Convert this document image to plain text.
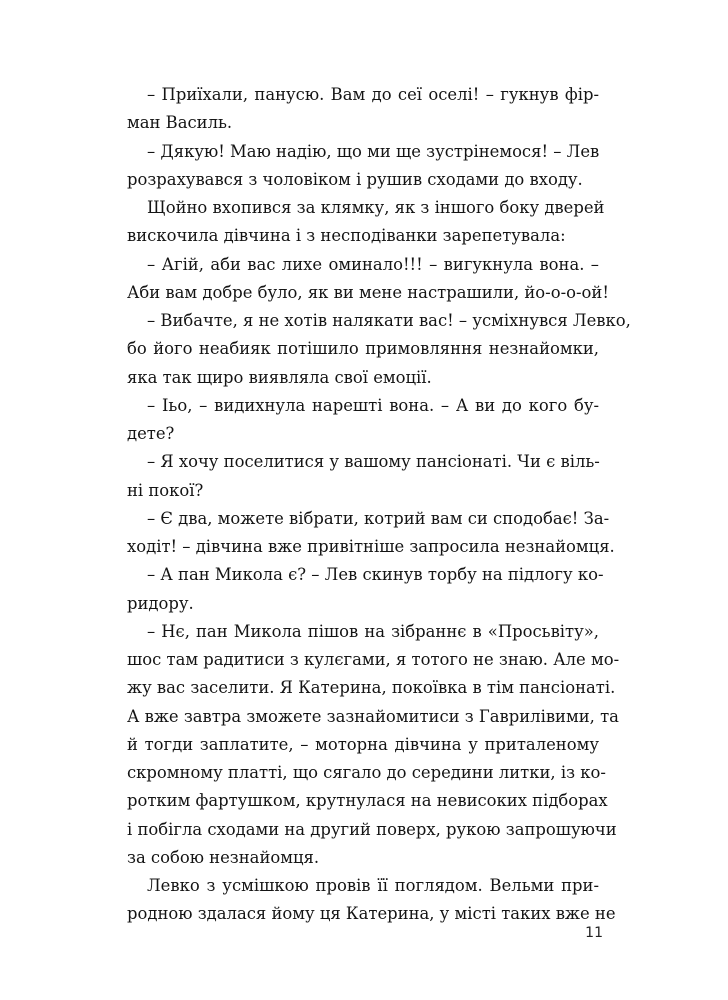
– Приїхали, панусю. Вам до сеї оселі! – гукнув фір-
ман Василь.
– Дякую! Маю надію, що ми ще зустрінемося! – Лев
розрахувався з чоловіком і рушив сходами до входу.
Щойно вхопився за клямку, як з іншого боку дверей
вискочила дівчина і з несподіванки зарепетувала:
– Агій, аби вас лихе оминало!!! – вигукнула вона. –
Аби вам добре було, як ви мене настрашили, йо-о-о-ой!
– Вибачте, я не хотів налякати вас! – усміхнувся Левко,
бо його неабияк потішило примовляння незнайомки,
яка так щиро виявляла свої емоції.
– Іьо, – видихнула нарешті вона. – А ви до кого бу-
дете?
– Я хочу поселитися у вашому пансіонаті. Чи є віль-
ні покої?
– Є два, можете вібрати, котрий вам си сподобає! За-
ходіт! – дівчина вже привітніше запросила незнайомця.
– А пан Микола є? – Лев скинув торбу на підлогу ко-
ридору.
– Нє, пан Микола пішов на зібраннє в «Просьвіту»,
шос там радитиси з кулєгами, я тотого не знаю. Але мо-
жу вас заселити. Я Катерина, покоївка в тім пансіонаті.
А вже завтра зможете зазнайомитиси з Гаврилівими, та
й тогди заплатите, – моторна дівчина у приталеному
скромному платті, що сягало до середини литки, із ко-
ротким фартушком, крутнулася на невисоких підборах
і побігла сходами на другий поверх, рукою запрошуючи
за собою незнайомця.
Левко з усмішкою провів її поглядом. Вельми при-
родною здалася йому ця Катерина, у місті таких вже не
11
